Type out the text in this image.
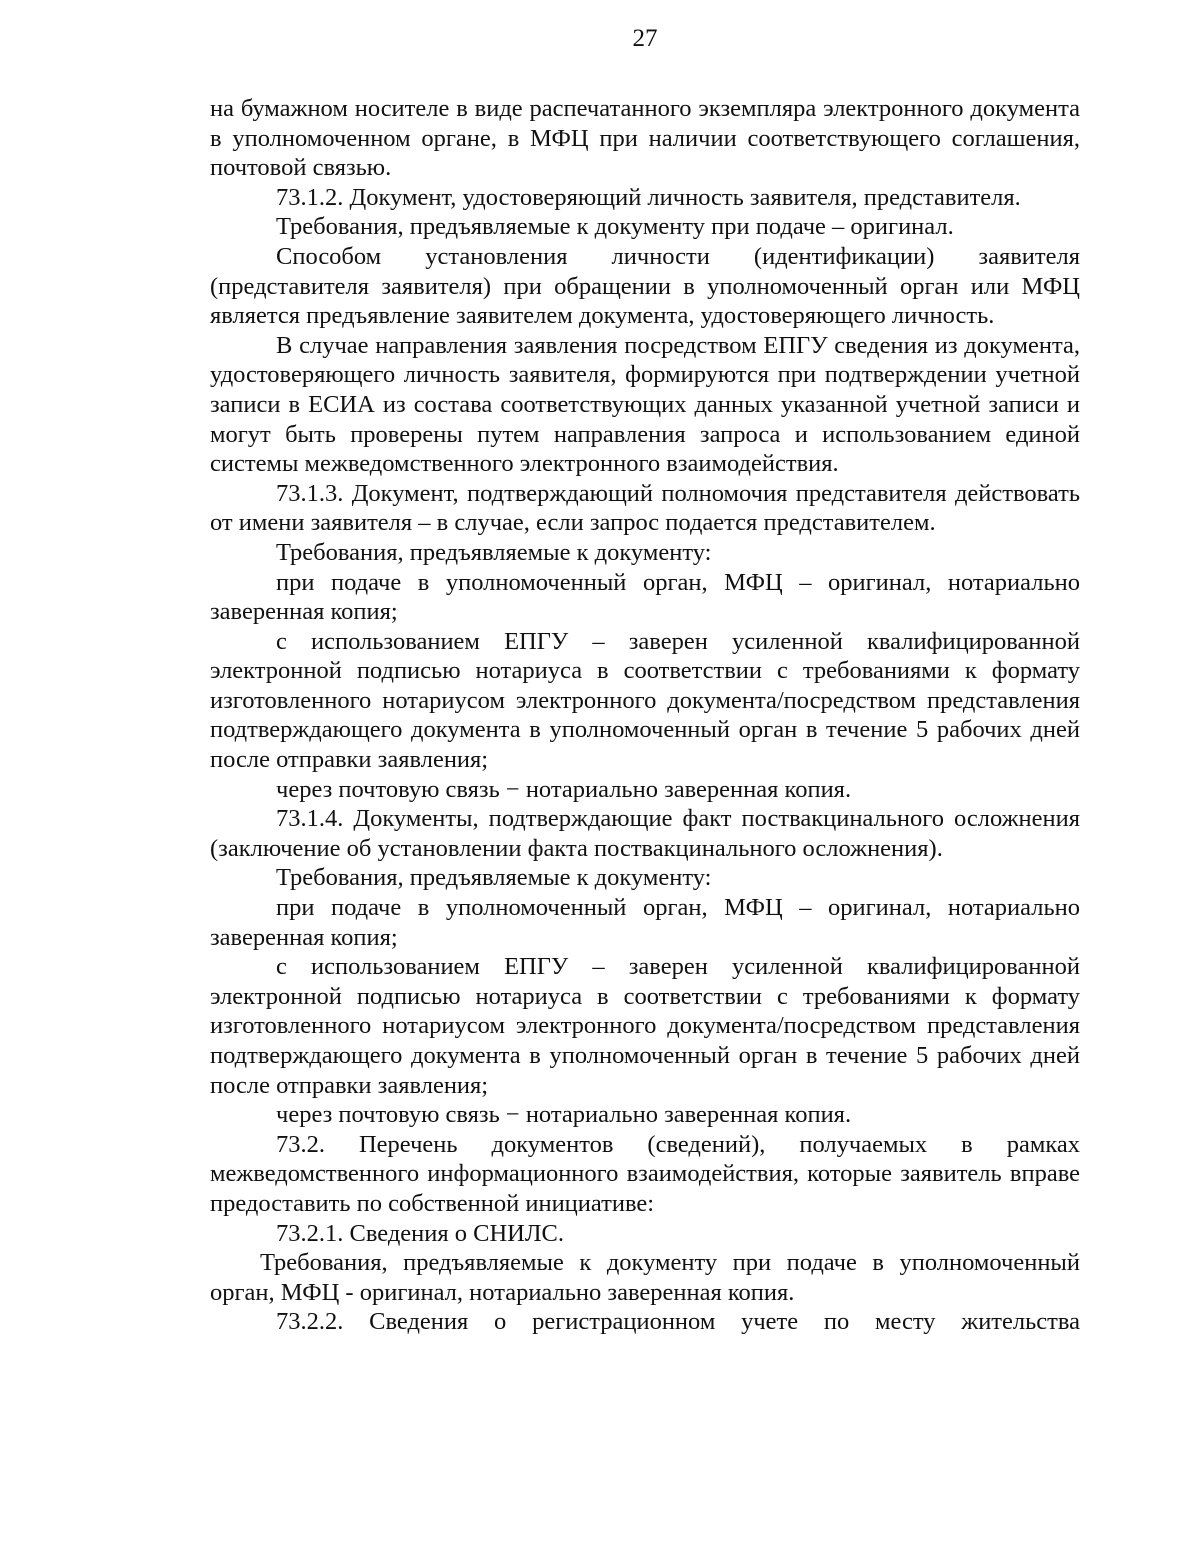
27

на бумажном носителе в виде распечатанного экземпляра электронного документа в уполномоченном органе, в МФЦ при наличии соответствующего соглашения, почтовой связью.

73.1.2. Документ, удостоверяющий личность заявителя, представителя.

Требования, предъявляемые к документу при подаче – оригинал.

Способом установления личности (идентификации) заявителя (представителя заявителя) при обращении в уполномоченный орган или МФЦ является предъявление заявителем документа, удостоверяющего личность.

В случае направления заявления посредством ЕПГУ сведения из документа, удостоверяющего личность заявителя, формируются при подтверждении учетной записи в ЕСИА из состава соответствующих данных указанной учетной записи и могут быть проверены путем направления запроса и использованием единой системы межведомственного электронного взаимодействия.

73.1.3. Документ, подтверждающий полномочия представителя действовать от имени заявителя – в случае, если запрос подается представителем.

Требования, предъявляемые к документу:

при подаче в уполномоченный орган, МФЦ – оригинал, нотариально заверенная копия;

с использованием ЕПГУ – заверен усиленной квалифицированной электронной подписью нотариуса в соответствии с требованиями к формату изготовленного нотариусом электронного документа/посредством представления подтверждающего документа в уполномоченный орган в течение 5 рабочих дней после отправки заявления;

через почтовую связь − нотариально заверенная копия.

73.1.4. Документы, подтверждающие факт поствакцинального осложнения (заключение об установлении факта поствакцинального осложнения).

Требования, предъявляемые к документу:

при подаче в уполномоченный орган, МФЦ – оригинал, нотариально заверенная копия;

с использованием ЕПГУ – заверен усиленной квалифицированной электронной подписью нотариуса в соответствии с требованиями к формату изготовленного нотариусом электронного документа/посредством представления подтверждающего документа в уполномоченный орган в течение 5 рабочих дней после отправки заявления;

через почтовую связь − нотариально заверенная копия.

73.2. Перечень документов (сведений), получаемых в рамках межведомственного информационного взаимодействия, которые заявитель вправе предоставить по собственной инициативе:

73.2.1. Сведения о СНИЛС.

Требования, предъявляемые к документу при подаче в уполномоченный орган, МФЦ - оригинал, нотариально заверенная копия.

73.2.2. Сведения о регистрационном учете по месту жительства
